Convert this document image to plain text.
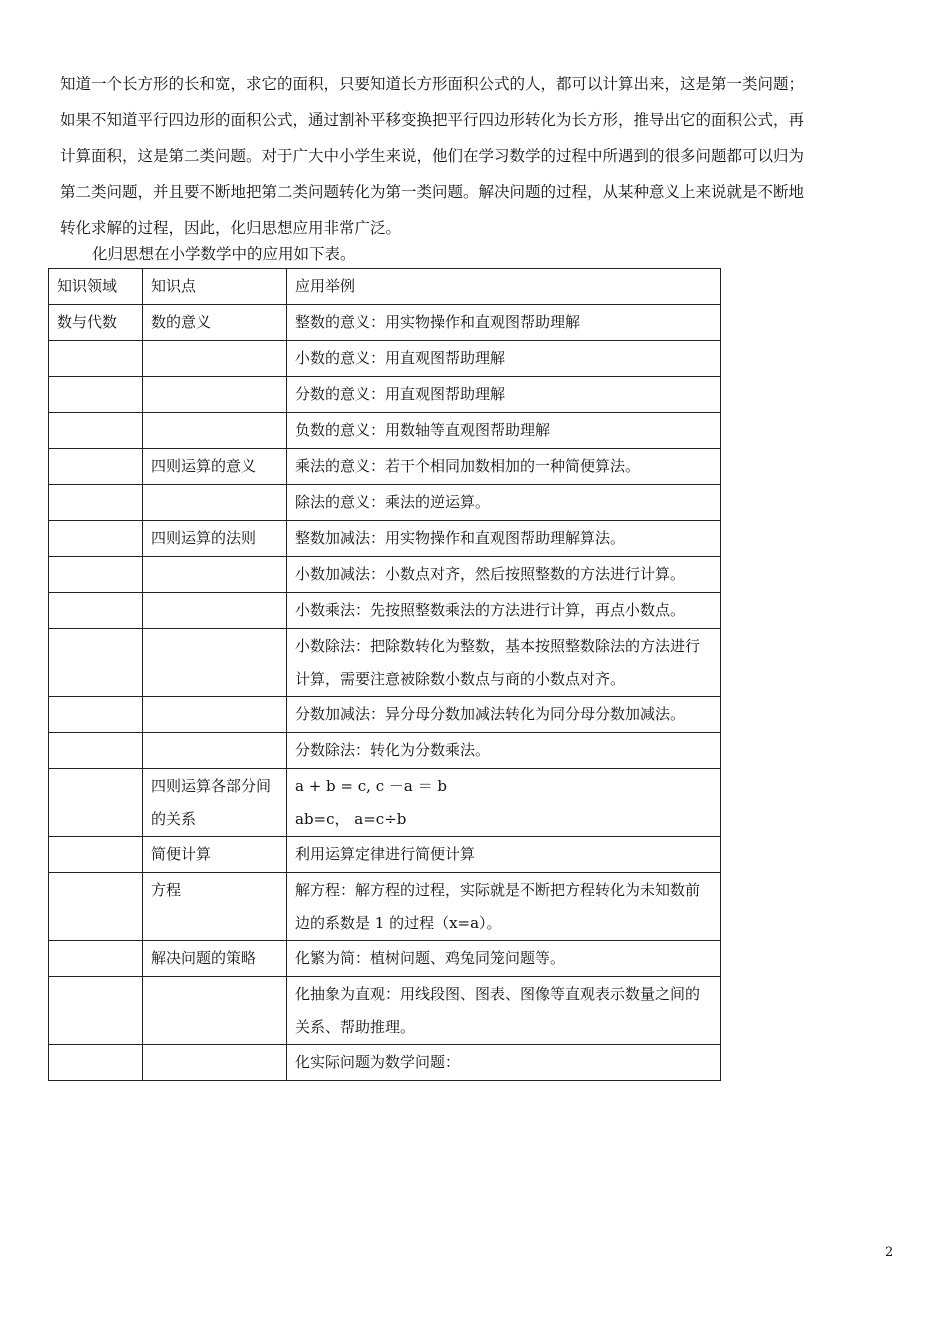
知道一个长方形的长和宽，求它的面积，只要知道长方形面积公式的人，都可以计算出来，这是第一类问题；
如果不知道平行四边形的面积公式，通过割补平移变换把平行四边形转化为长方形，推导出它的面积公式，再
计算面积，这是第二类问题。对于广大中小学生来说，他们在学习数学的过程中所遇到的很多问题都可以归为
第二类问题，并且要不断地把第二类问题转化为第一类问题。解决问题的过程，从某种意义上来说就是不断地
转化求解的过程，因此，化归思想应用非常广泛。

化归思想在小学数学中的应用如下表。

知识领域	知识点	应用举例

数与代数	数的意义	整数的意义：用实物操作和直观图帮助理解

		小数的意义：用直观图帮助理解

		分数的意义：用直观图帮助理解

		负数的意义：用数轴等直观图帮助理解

	四则运算的意义	乘法的意义：若干个相同加数相加的一种简便算法。

		除法的意义：乘法的逆运算。

	四则运算的法则	整数加减法：用实物操作和直观图帮助理解算法。

		小数加减法：小数点对齐，然后按照整数的方法进行计算。

		小数乘法：先按照整数乘法的方法进行计算，再点小数点。

		小数除法：把除数转化为整数，基本按照整数除法的方法进行计算，需要注意被除数小数点与商的小数点对齐。

		分数加减法：异分母分数加减法转化为同分母分数加减法。

		分数除法：转化为分数乘法。

	四则运算各部分间的关系	a + b = c, c －a ＝ b
ab=c， a=c÷b

	简便计算	利用运算定律进行简便计算

	方程	解方程：解方程的过程，实际就是不断把方程转化为未知数前边的系数是 1 的过程（x=a）。

	解决问题的策略	化繁为简：植树问题、鸡兔同笼问题等。

		化抽象为直观：用线段图、图表、图像等直观表示数量之间的关系、帮助推理。

		化实际问题为数学问题：
2
